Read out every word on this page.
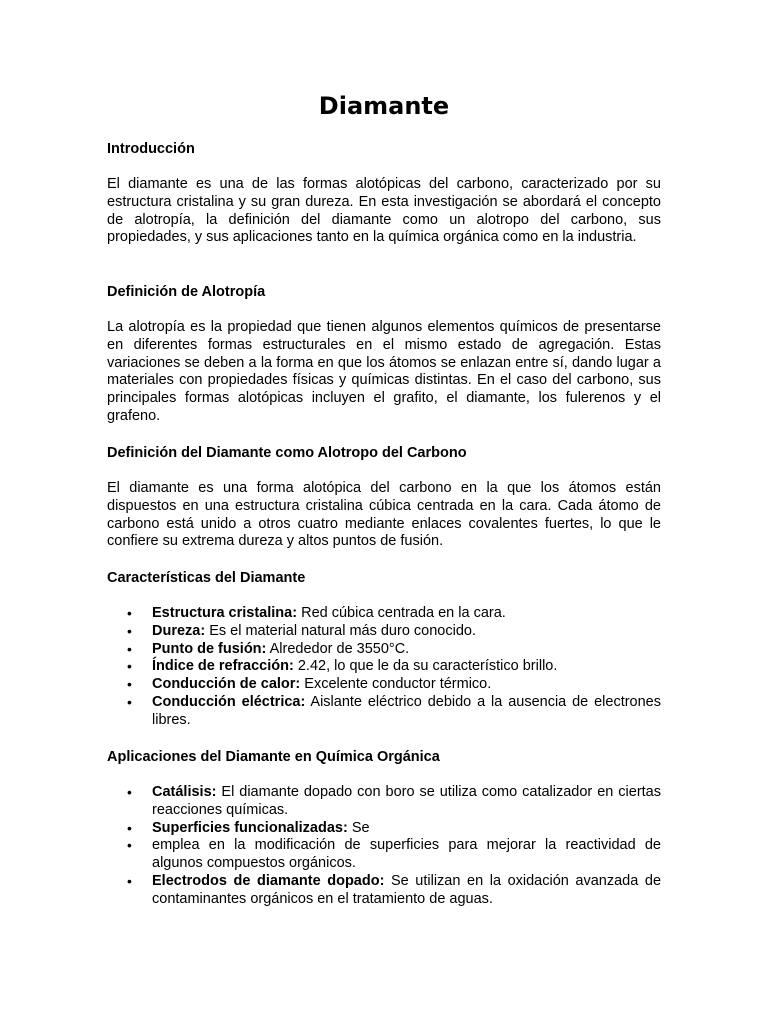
Diamante
Introducción

El diamante es una de las formas alotópicas del carbono, caracterizado por su estructura cristalina y su gran dureza. En esta investigación se abordará el concepto de alotropía, la definición del diamante como un alotropo del carbono, sus propiedades, y sus aplicaciones tanto en la química orgánica como en la industria.

Definición de Alotropía

La alotropía es la propiedad que tienen algunos elementos químicos de presentarse en diferentes formas estructurales en el mismo estado de agregación. Estas variaciones se deben a la forma en que los átomos se enlazan entre sí, dando lugar a materiales con propiedades físicas y químicas distintas. En el caso del carbono, sus principales formas alotópicas incluyen el grafito, el diamante, los fulerenos y el grafeno.

Definición del Diamante como Alotropo del Carbono

El diamante es una forma alotópica del carbono en la que los átomos están dispuestos en una estructura cristalina cúbica centrada en la cara. Cada átomo de carbono está unido a otros cuatro mediante enlaces covalentes fuertes, lo que le confiere su extrema dureza y altos puntos de fusión.

Características del Diamante
• Estructura cristalina: Red cúbica centrada en la cara.
• Dureza: Es el material natural más duro conocido.
• Punto de fusión: Alrededor de 3550°C.
• Índice de refracción: 2.42, lo que le da su característico brillo.
• Conducción de calor: Excelente conductor térmico.
• Conducción eléctrica: Aislante eléctrico debido a la ausencia de electrones libres.
Aplicaciones del Diamante en Química Orgánica
• Catálisis: El diamante dopado con boro se utiliza como catalizador en ciertas reacciones químicas.
• Superficies funcionalizadas: Se
• emplea en la modificación de superficies para mejorar la reactividad de algunos compuestos orgánicos.
• Electrodos de diamante dopado: Se utilizan en la oxidación avanzada de contaminantes orgánicos en el tratamiento de aguas.
